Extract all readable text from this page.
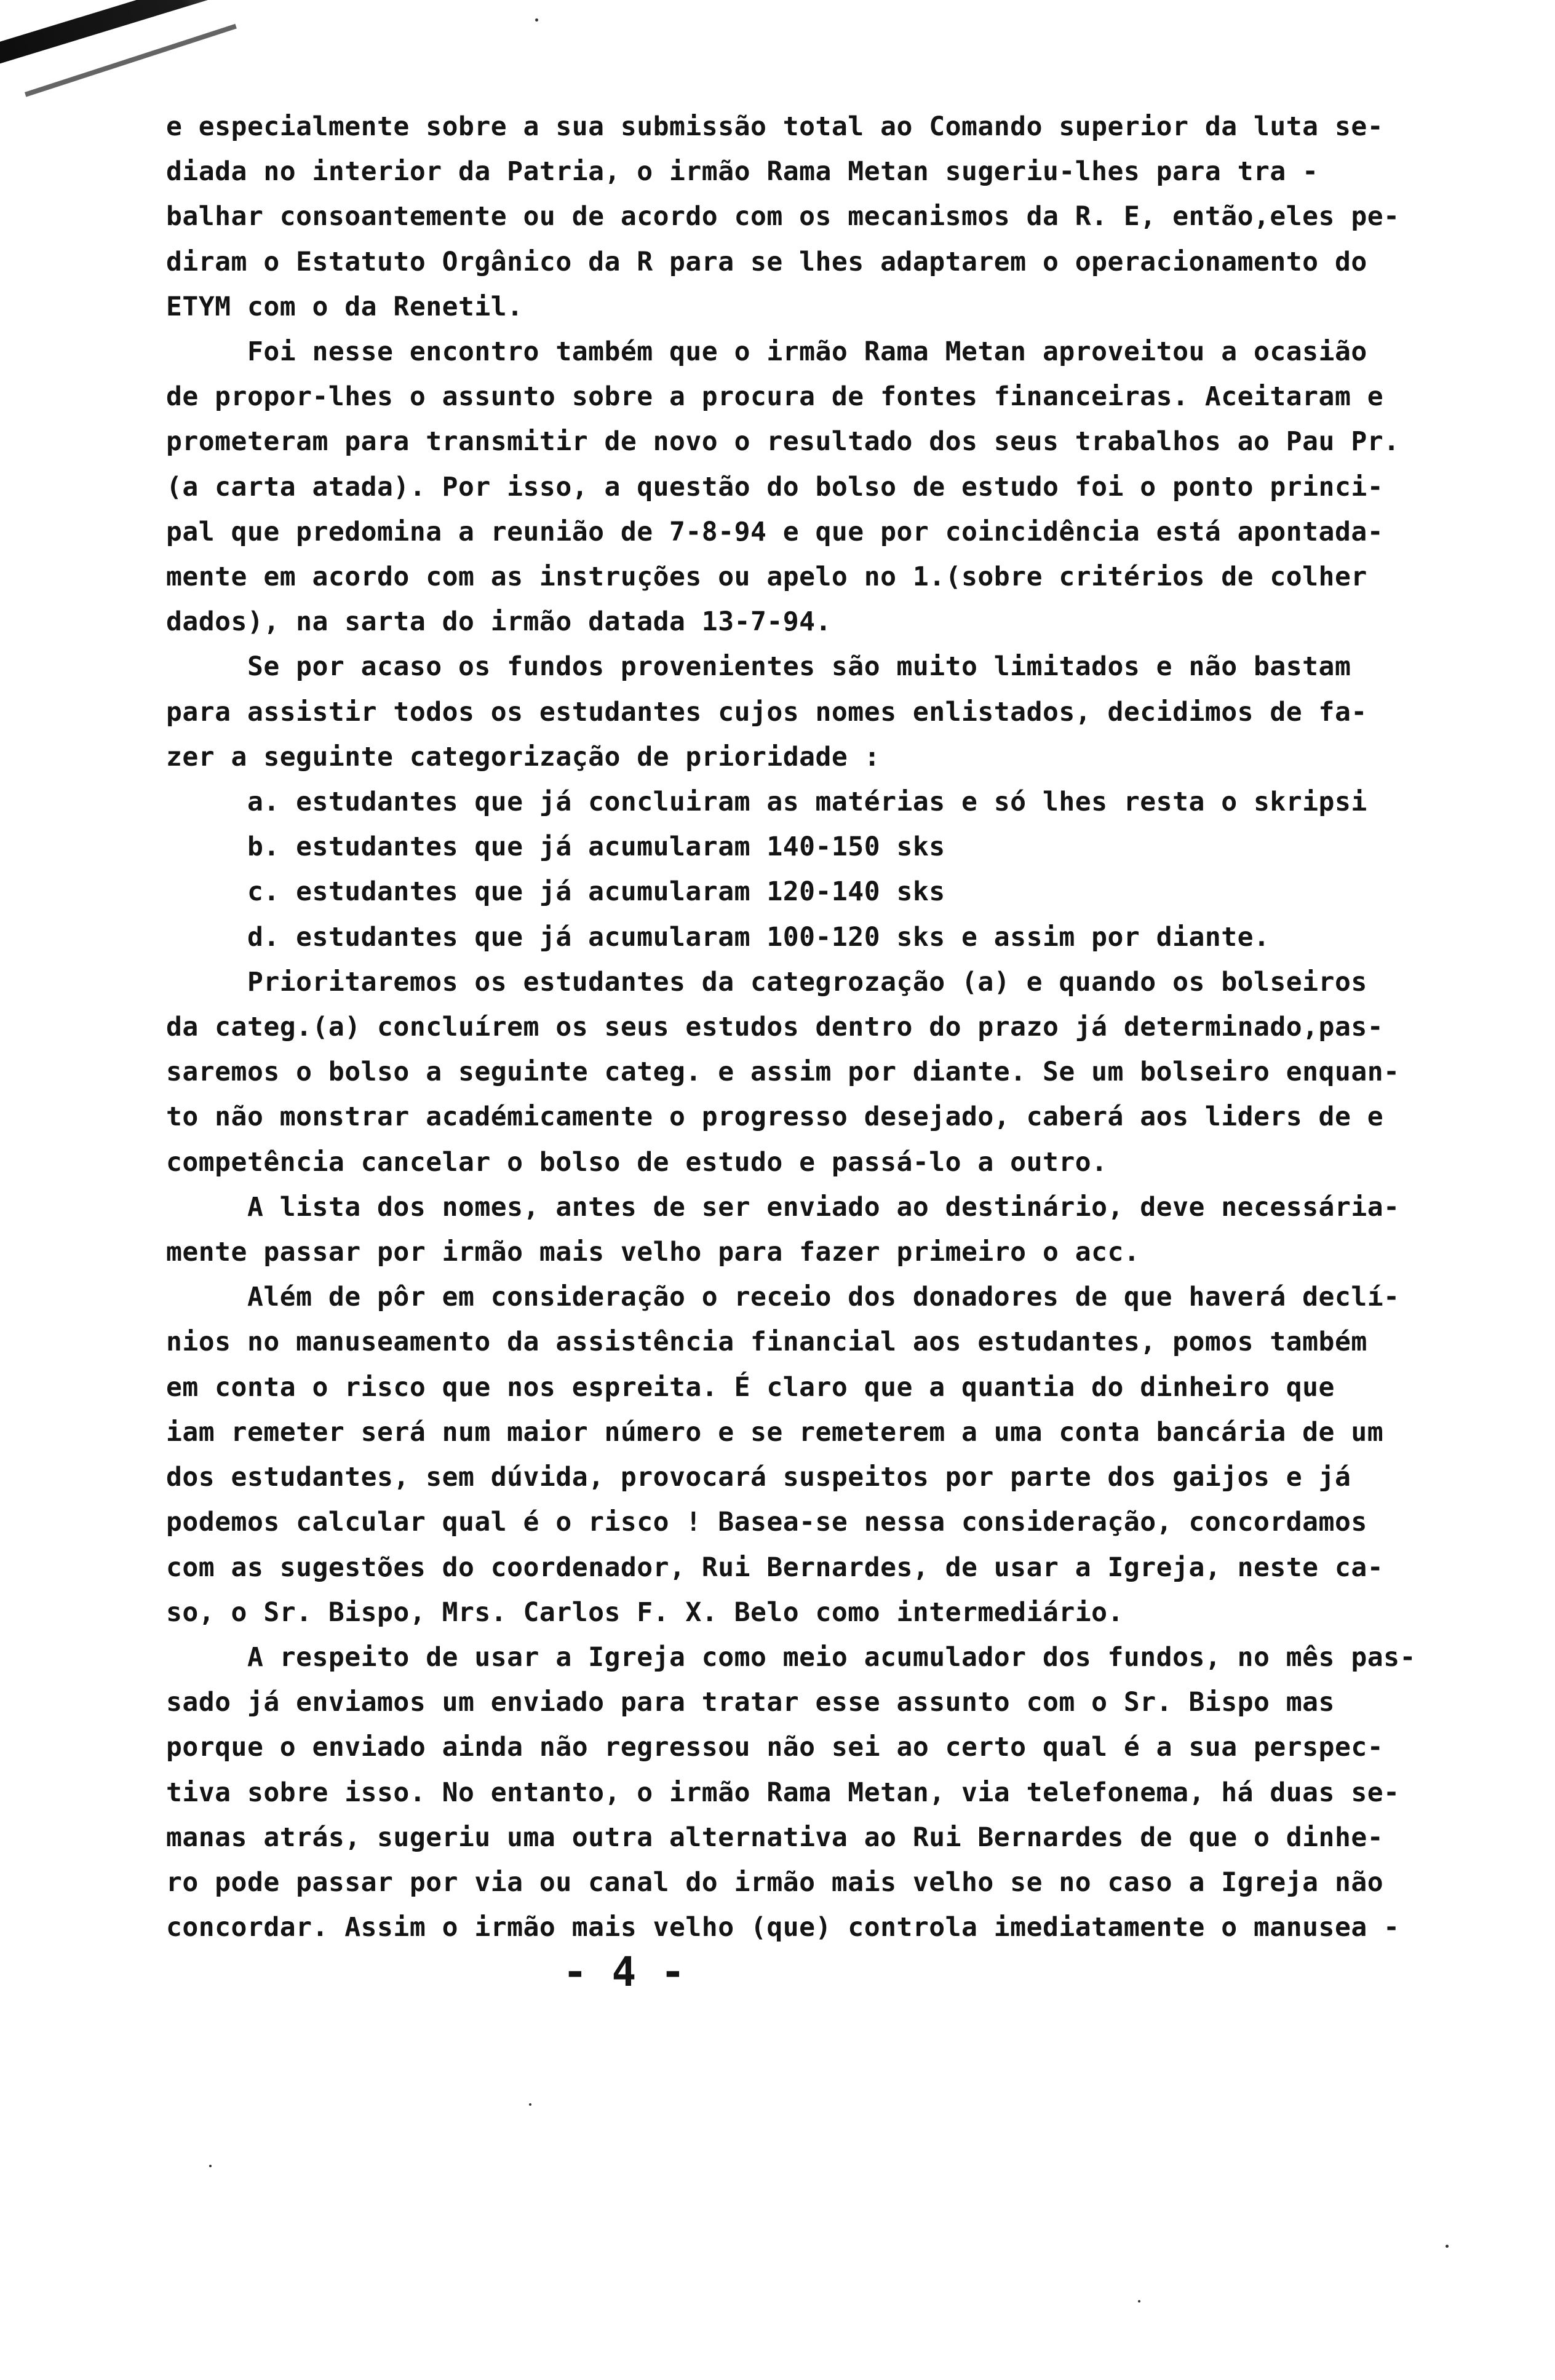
e especialmente sobre a sua submissão total ao Comando superior da luta se-
diada no interior da Patria, o irmão Rama Metan sugeriu-lhes para tra -
balhar consoantemente ou de acordo com os mecanismos da R. E, então,eles pe-
diram o Estatuto Orgânico da R para se lhes adaptarem o operacionamento do
ETYM com o da Renetil.
Foi nesse encontro também que o irmão Rama Metan aproveitou a ocasião
de propor-lhes o assunto sobre a procura de fontes financeiras. Aceitaram e
prometeram para transmitir de novo o resultado dos seus trabalhos ao Pau Pr.
(a carta atada). Por isso, a questão do bolso de estudo foi o ponto princi-
pal que predomina a reunião de 7-8-94 e que por coincidência está apontada-
mente em acordo com as instruções ou apelo no 1.(sobre critérios de colher
dados), na sarta do irmão datada 13-7-94.
Se por acaso os fundos provenientes são muito limitados e não bastam
para assistir todos os estudantes cujos nomes enlistados, decidimos de fa-
zer a seguinte categorização de prioridade :
a. estudantes que já concluiram as matérias e só lhes resta o skripsi
b. estudantes que já acumularam 140-150 sks
c. estudantes que já acumularam 120-140 sks
d. estudantes que já acumularam 100-120 sks e assim por diante.
Prioritaremos os estudantes da categrozação (a) e quando os bolseiros
da categ.(a) concluírem os seus estudos dentro do prazo já determinado,pas-
saremos o bolso a seguinte categ. e assim por diante. Se um bolseiro enquan-
to não monstrar académicamente o progresso desejado, caberá aos liders de e
competência cancelar o bolso de estudo e passá-lo a outro.
A lista dos nomes, antes de ser enviado ao destinário, deve necessária-
mente passar por irmão mais velho para fazer primeiro o acc.
Além de pôr em consideração o receio dos donadores de que haverá declí-
nios no manuseamento da assistência financial aos estudantes, pomos também
em conta o risco que nos espreita. É claro que a quantia do dinheiro que
iam remeter será num maior número e se remeterem a uma conta bancária de um
dos estudantes, sem dúvida, provocará suspeitos por parte dos gaijos e já
podemos calcular qual é o risco ! Basea-se nessa consideração, concordamos
com as sugestões do coordenador, Rui Bernardes, de usar a Igreja, neste ca-
so, o Sr. Bispo, Mrs. Carlos F. X. Belo como intermediário.
A respeito de usar a Igreja como meio acumulador dos fundos, no mês pas-
sado já enviamos um enviado para tratar esse assunto com o Sr. Bispo mas
porque o enviado ainda não regressou não sei ao certo qual é a sua perspec-
tiva sobre isso. No entanto, o irmão Rama Metan, via telefonema, há duas se-
manas atrás, sugeriu uma outra alternativa ao Rui Bernardes de que o dinhe-
ro pode passar por via ou canal do irmão mais velho se no caso a Igreja não
concordar. Assim o irmão mais velho (que) controla imediatamente o manusea -
- 4 -
